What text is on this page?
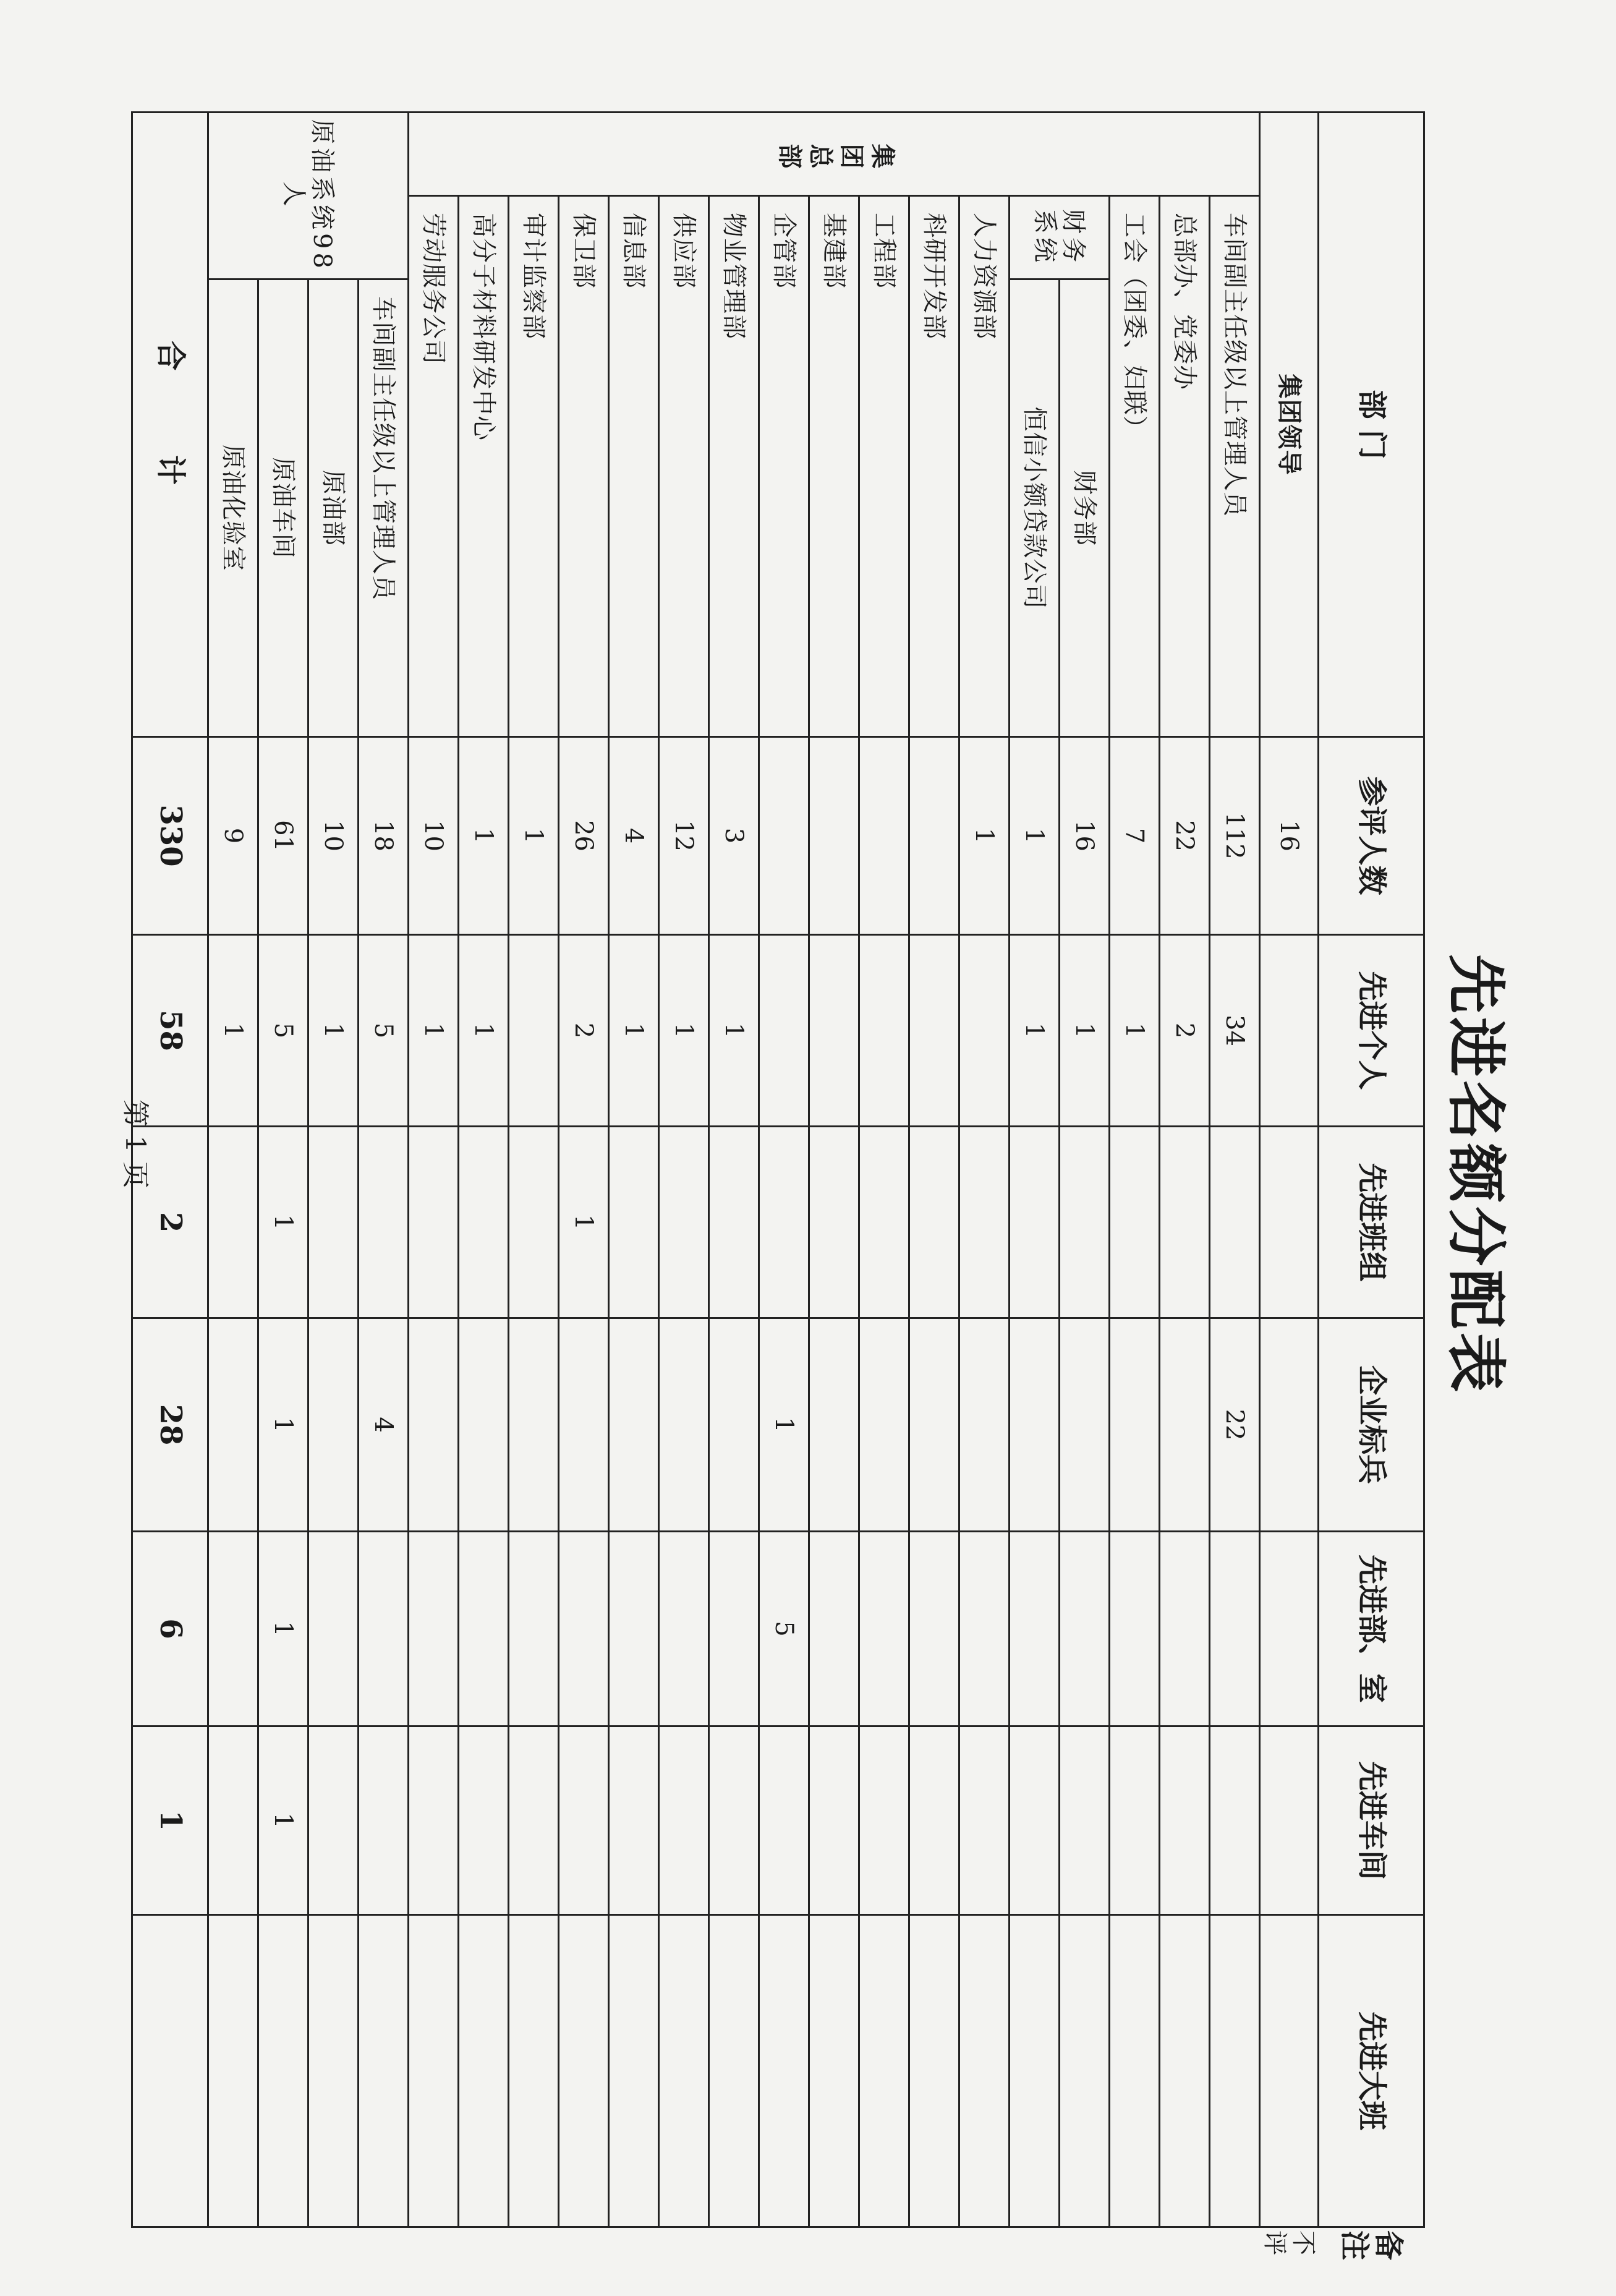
先进名额分配表
部 门			参评人数	先进个人	先进班组	企业标兵	先进部、室	先进车间	先进大班	备注
集团领导			16							不评
集团总部	车间副主任级以上管理人员		112	34		22				
	总部办、党委办		22	2						
	工会（团委、妇联）		7	1						
	财务系统	财务部	16	1						
		恒信小额贷款公司	1	1						
	人力资源部		1							
	科研开发部									
	工程部									
	基建部									
	企管部					1	5			
	物业管理部		3	1						
	供应部		12	1						
	信息部		4	1						
	保卫部		26	2	1					
	审计监察部		1							
	高分子材料研发中心		1	1						
	劳动服务公司		10	1						
原油系统98人		车间副主任级以上管理人员	18	5		4				
		原油部	10	1						
		原油车间	61	5	1	1	1	1		
		原油化验室	9	1						
合 计			330	58	2	28	6	1		
第 1 页
